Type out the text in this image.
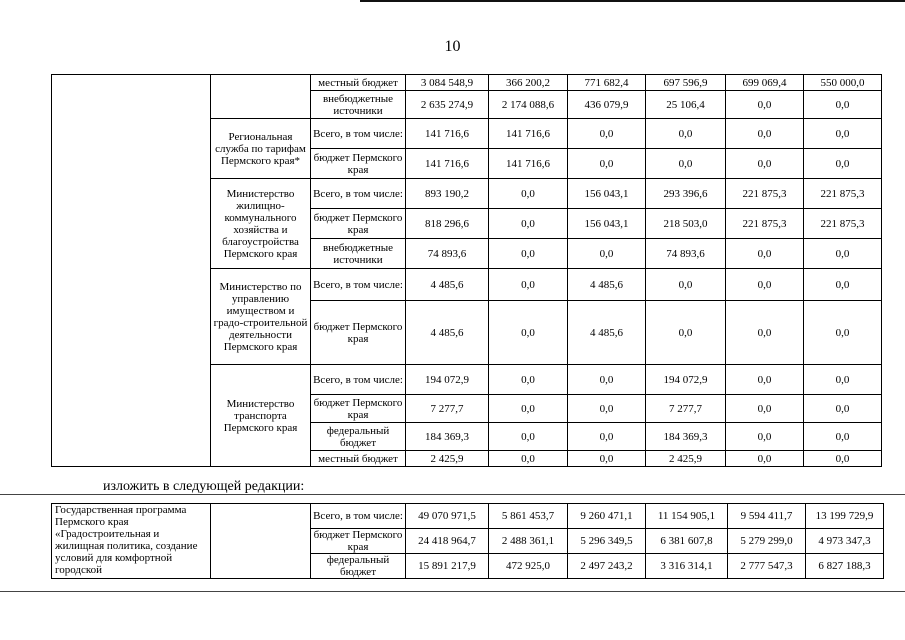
10
		местный бюджет	3 084 548,9	366 200,2	771 682,4	697 596,9	699 069,4	550 000,0
		внебюджетные источники	2 635 274,9	2 174 088,6	436 079,9	25 106,4	0,0	0,0
	Региональная служба по тарифам Пермского края*	Всего, в том числе:	141 716,6	141 716,6	0,0	0,0	0,0	0,0
		бюджет Пермского края	141 716,6	141 716,6	0,0	0,0	0,0	0,0
	Министерство жилищно-коммунального хозяйства и благоустройства Пермского края	Всего, в том числе:	893 190,2	0,0	156 043,1	293 396,6	221 875,3	221 875,3
		бюджет Пермского края	818 296,6	0,0	156 043,1	218 503,0	221 875,3	221 875,3
		внебюджетные источники	74 893,6	0,0	0,0	74 893,6	0,0	0,0
	Министерство по управлению имуществом и градо-строительной деятельности Пермского края	Всего, в том числе:	4 485,6	0,0	4 485,6	0,0	0,0	0,0
		бюджет Пермского края	4 485,6	0,0	4 485,6	0,0	0,0	0,0
	Министерство транспорта Пермского края	Всего, в том числе:	194 072,9	0,0	0,0	194 072,9	0,0	0,0
		бюджет Пермского края	7 277,7	0,0	0,0	7 277,7	0,0	0,0
		федеральный бюджет	184 369,3	0,0	0,0	184 369,3	0,0	0,0
		местный бюджет	2 425,9	0,0	0,0	2 425,9	0,0	0,0
изложить в следующей редакции:
Государственная программа Пермского края «Градостроительная и жилищная политика, создание условий для комфортной городской		Всего, в том числе:	49 070 971,5	5 861 453,7	9 260 471,1	11 154 905,1	9 594 411,7	13 199 729,9
		бюджет Пермского края	24 418 964,7	2 488 361,1	5 296 349,5	6 381 607,8	5 279 299,0	4 973 347,3
		федеральный бюджет	15 891 217,9	472 925,0	2 497 243,2	3 316 314,1	2 777 547,3	6 827 188,3
